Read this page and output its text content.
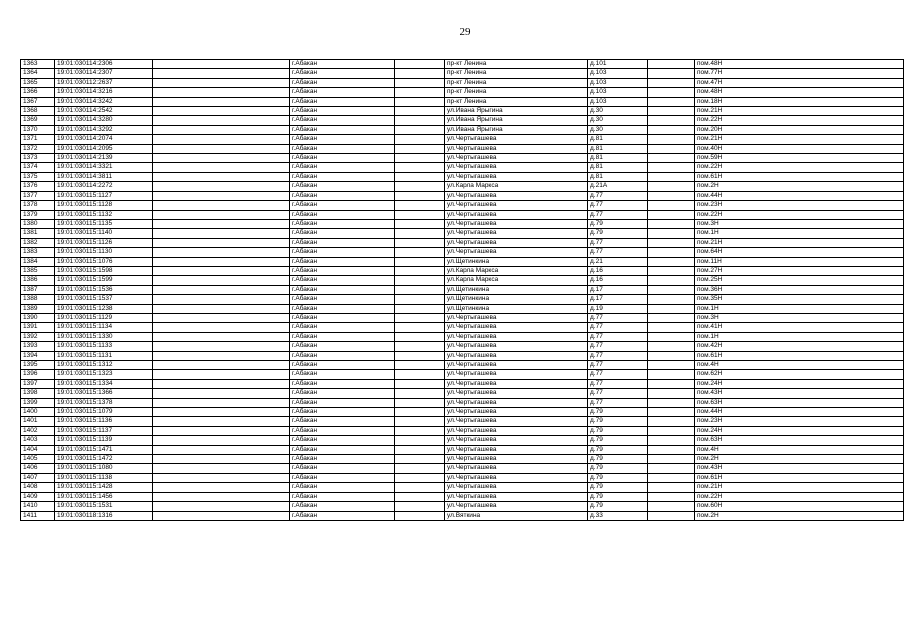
29
1363	19:01:030114:2306		г.Абакан		пр-кт Ленина	д.101		пом.48Н
1364	19:01:030114:2307		г.Абакан		пр-кт Ленина	д.103		пом.77Н
1365	19:01:030112:2637		г.Абакан		пр-кт Ленина	д.103		пом.47Н
1366	19:01:030114:3216		г.Абакан		пр-кт Ленина	д.103		пом.48Н
1367	19:01:030114:3242		г.Абакан		пр-кт Ленина	д.103		пом.18Н
1368	19:01:030114:2542		г.Абакан		ул.Ивана Ярыгина	д.30		пом.21Н
1369	19:01:030114:3280		г.Абакан		ул.Ивана Ярыгина	д.30		пом.22Н
1370	19:01:030114:3292		г.Абакан		ул.Ивана Ярыгина	д.30		пом.20Н
1371	19:01:030114:2074		г.Абакан		ул.Чертыгашева	д.81		пом.21Н
1372	19:01:030114:2095		г.Абакан		ул.Чертыгашева	д.81		пом.40Н
1373	19:01:030114:2139		г.Абакан		ул.Чертыгашева	д.81		пом.59Н
1374	19:01:030114:3321		г.Абакан		ул.Чертыгашева	д.81		пом.22Н
1375	19:01:030114:3811		г.Абакан		ул.Чертыгашева	д.81		пом.61Н
1376	19:01:030114:2272		г.Абакан		ул.Карла Маркса	д.21А		пом.2Н
1377	19:01:030115:1127		г.Абакан		ул.Чертыгашева	д.77		пом.44Н
1378	19:01:030115:1128		г.Абакан		ул.Чертыгашева	д.77		пом.23Н
1379	19:01:030115:1132		г.Абакан		ул.Чертыгашева	д.77		пом.22Н
1380	19:01:030115:1135		г.Абакан		ул.Чертыгашева	д.79		пом.3Н
1381	19:01:030115:1140		г.Абакан		ул.Чертыгашева	д.79		пом.1Н
1382	19:01:030115:1126		г.Абакан		ул.Чертыгашева	д.77		пом.21Н
1383	19:01:030115:1130		г.Абакан		ул.Чертыгашева	д.77		пом.64Н
1384	19:01:030115:1076		г.Абакан		ул.Щетинкина	д.21		пом.11Н
1385	19:01:030115:1598		г.Абакан		ул.Карла Маркса	д.16		пом.27Н
1386	19:01:030115:1599		г.Абакан		ул.Карла Маркса	д.16		пом.25Н
1387	19:01:030115:1536		г.Абакан		ул.Щетинкина	д.17		пом.36Н
1388	19:01:030115:1537		г.Абакан		ул.Щетинкина	д.17		пом.35Н
1389	19:01:030115:1238		г.Абакан		ул.Щетинкина	д.19		пом.1Н
1390	19:01:030115:1129		г.Абакан		ул.Чертыгашева	д.77		пом.3Н
1391	19:01:030115:1134		г.Абакан		ул.Чертыгашева	д.77		пом.41Н
1392	19:01:030115:1330		г.Абакан		ул.Чертыгашева	д.77		пом.1Н
1393	19:01:030115:1133		г.Абакан		ул.Чертыгашева	д.77		пом.42Н
1394	19:01:030115:1131		г.Абакан		ул.Чертыгашева	д.77		пом.61Н
1395	19:01:030115:1312		г.Абакан		ул.Чертыгашева	д.77		пом.4Н
1396	19:01:030115:1323		г.Абакан		ул.Чертыгашева	д.77		пом.62Н
1397	19:01:030115:1334		г.Абакан		ул.Чертыгашева	д.77		пом.24Н
1398	19:01:030115:1366		г.Абакан		ул.Чертыгашева	д.77		пом.43Н
1399	19:01:030115:1378		г.Абакан		ул.Чертыгашева	д.77		пом.63Н
1400	19:01:030115:1079		г.Абакан		ул.Чертыгашева	д.79		пом.44Н
1401	19:01:030115:1136		г.Абакан		ул.Чертыгашева	д.79		пом.23Н
1402	19:01:030115:1137		г.Абакан		ул.Чертыгашева	д.79		пом.24Н
1403	19:01:030115:1139		г.Абакан		ул.Чертыгашева	д.79		пом.63Н
1404	19:01:030115:1471		г.Абакан		ул.Чертыгашева	д.79		пом.4Н
1405	19:01:030115:1472		г.Абакан		ул.Чертыгашева	д.79		пом.2Н
1406	19:01:030115:1080		г.Абакан		ул.Чертыгашева	д.79		пом.43Н
1407	19:01:030115:1138		г.Абакан		ул.Чертыгашева	д.79		пом.61Н
1408	19:01:030115:1428		г.Абакан		ул.Чертыгашева	д.79		пом.21Н
1409	19:01:030115:1456		г.Абакан		ул.Чертыгашева	д.79		пом.22Н
1410	19:01:030115:1531		г.Абакан		ул.Чертыгашева	д.79		пом.60Н
1411	19:01:030118:1316		г.Абакан		ул.Вяткина	д.33		пом.2Н
